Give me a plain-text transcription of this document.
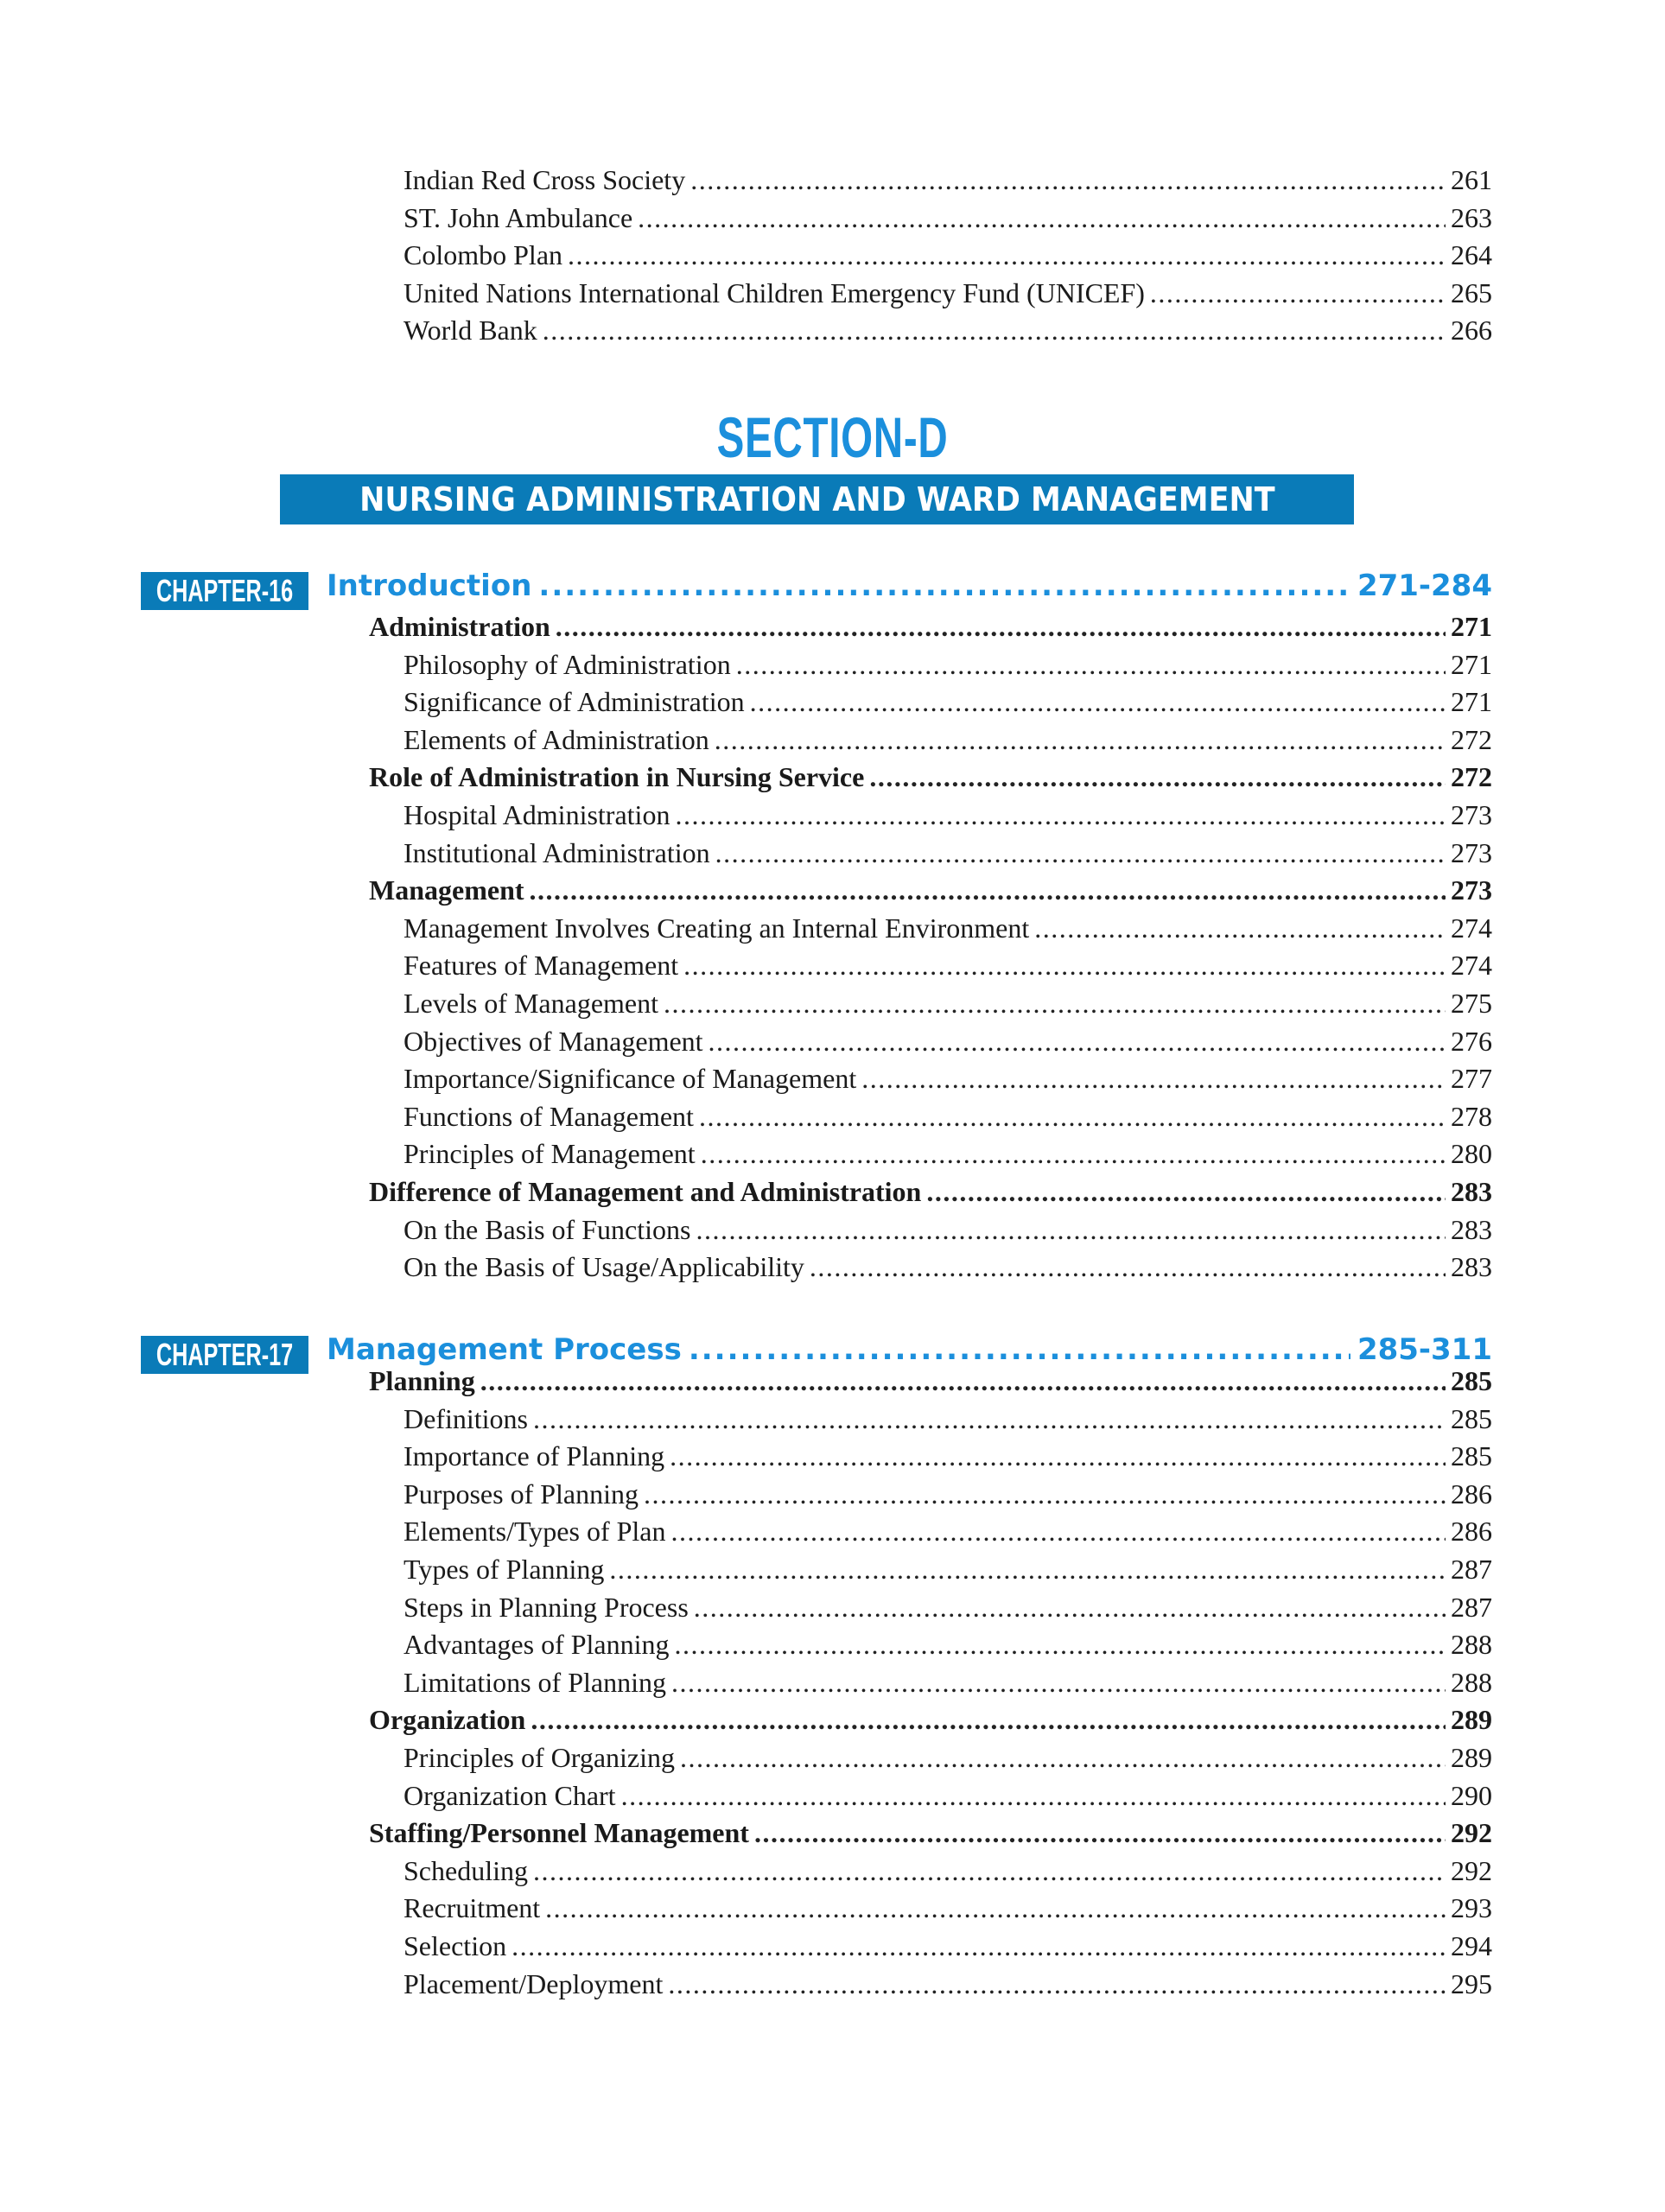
Indian Red Cross Society .....	261
ST. John Ambulance .....	263
Colombo Plan .....	264
United Nations International Children Emergency Fund (UNICEF) .....	265
World Bank .....	266
SECTION-D
NURSING ADMINISTRATION AND WARD MANAGEMENT
CHAPTER-16 Introduction .....	271-284
Administration .....	271
Philosophy of Administration .....	271
Significance of Administration .....	271
Elements of Administration .....	272
Role of Administration in Nursing Service .....	272
Hospital Administration .....	273
Institutional Administration .....	273
Management .....	273
Management Involves Creating an Internal Environment .....	274
Features of Management .....	274
Levels of Management .....	275
Objectives of Management .....	276
Importance/Significance of Management .....	277
Functions of Management .....	278
Principles of Management .....	280
Difference of Management and Administration .....	283
On the Basis of Functions .....	283
On the Basis of Usage/Applicability .....	283
CHAPTER-17 Management Process .....	285-311
Planning .....	285
Definitions .....	285
Importance of Planning .....	285
Purposes of Planning .....	286
Elements/Types of Plan .....	286
Types of Planning .....	287
Steps in Planning Process .....	287
Advantages of Planning .....	288
Limitations of Planning .....	288
Organization .....	289
Principles of Organizing .....	289
Organization Chart .....	290
Staffing/Personnel Management .....	292
Scheduling .....	292
Recruitment .....	293
Selection .....	294
Placement/Deployment .....	295
